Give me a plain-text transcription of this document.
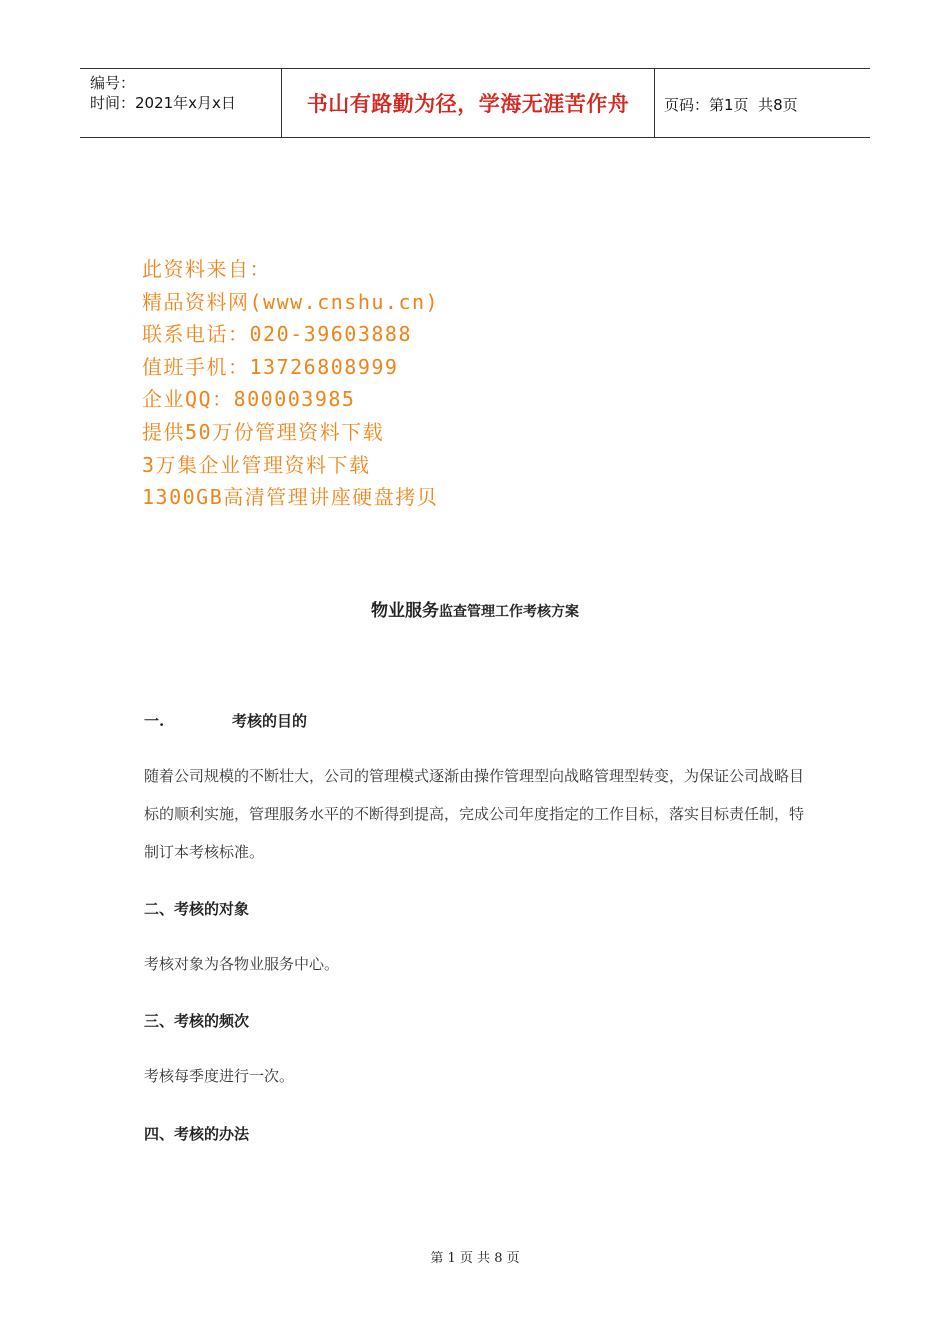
编号：
时间：2021年x月x日	书山有路勤为径，学海无涯苦作舟	页码：第1页  共8页
此资料来自：
精品资料网(www.cnshu.cn)
联系电话：020-39603888
值班手机：13726808999
企业QQ：800003985
提供50万份管理资料下载
3万集企业管理资料下载
1300GB高清管理讲座硬盘拷贝
物业服务监查管理工作考核方案
一.	考核的目的
随着公司规模的不断壮大，公司的管理模式逐渐由操作管理型向战略管理型转变，为保证公司战略目标的顺利实施，管理服务水平的不断得到提高，完成公司年度指定的工作目标，落实目标责任制，特制订本考核标准。
二、考核的对象
考核对象为各物业服务中心。
三、考核的频次
考核每季度进行一次。
四、考核的办法
第 1 页 共 8 页
